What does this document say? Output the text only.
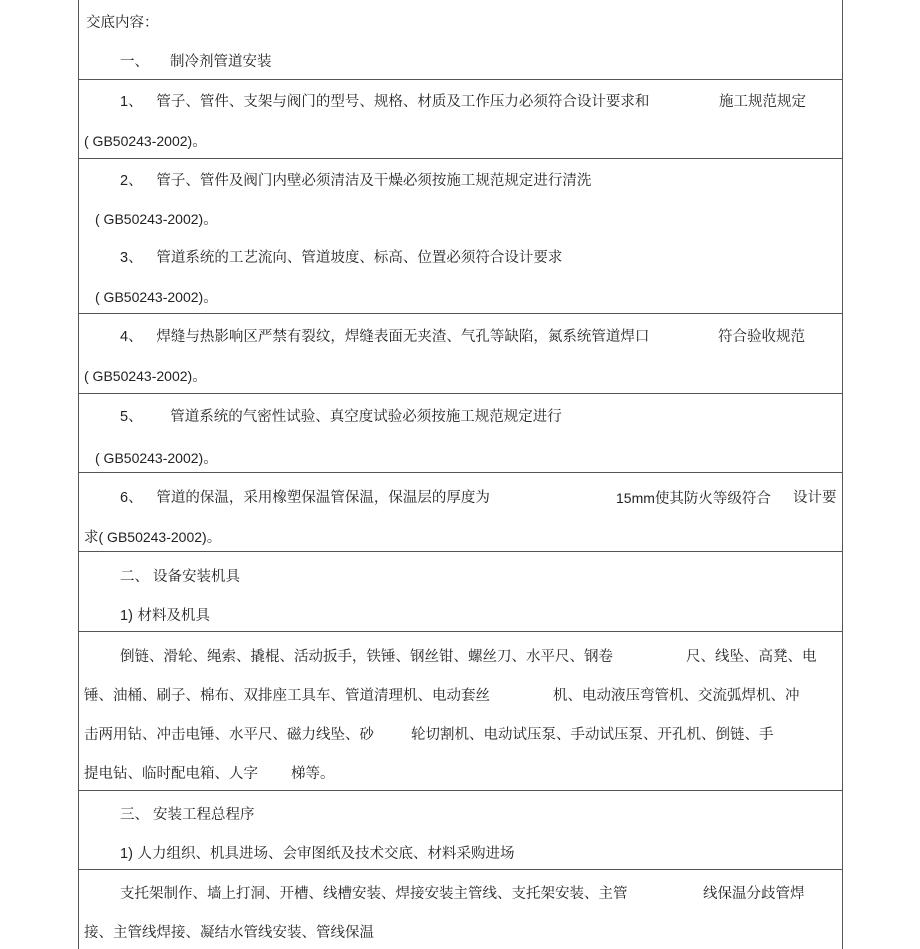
交底内容：
一、 制冷剂管道安装
1、 管子、管件、支架与阀门的型号、规格、材质及工作压力必须符合设计要求和	施工规范规定
( GB50243-2002)。
2、 管子、管件及阀门内壁必须清洁及干燥必须按施工规范规定进行清洗
( GB50243-2002)。
3、 管道系统的工艺流向、管道坡度、标高、位置必须符合设计要求
( GB50243-2002)。
4、 焊缝与热影响区严禁有裂纹，焊缝表面无夹渣、气孔等缺陷，氮系统管道焊口	符合验收规范
( GB50243-2002)。
5、 管道系统的气密性试验、真空度试验必须按施工规范规定进行
( GB50243-2002)。
6、 管道的保温，采用橡塑保温管保温，保温层的厚度为	15mm使其防火等级符合 设计要
求( GB50243-2002)。
二、 设备安装机具
1) 材料及机具
倒链、滑轮、绳索、撬棍、活动扳手，铁锤、钢丝钳、螺丝刀、水平尺、钢卷	尺、线坠、高凳、电
锤、油桶、刷子、棉布、双排座工具车、管道清理机、电动套丝	机、电动液压弯管机、交流弧焊机、冲
击两用钻、冲击电锤、水平尺、磁力线坠、砂	轮切割机、电动试压泵、手动试压泵、开孔机、倒链、手
提电钻、临时配电箱、人字 梯等。
三、 安装工程总程序
1) 人力组织、机具进场、会审图纸及技术交底、材料采购进场
支托架制作、墙上打洞、开槽、线槽安装、焊接安装主管线、支托架安装、主管	线保温分歧管焊
接、主管线焊接、凝结水管线安装、管线保温
